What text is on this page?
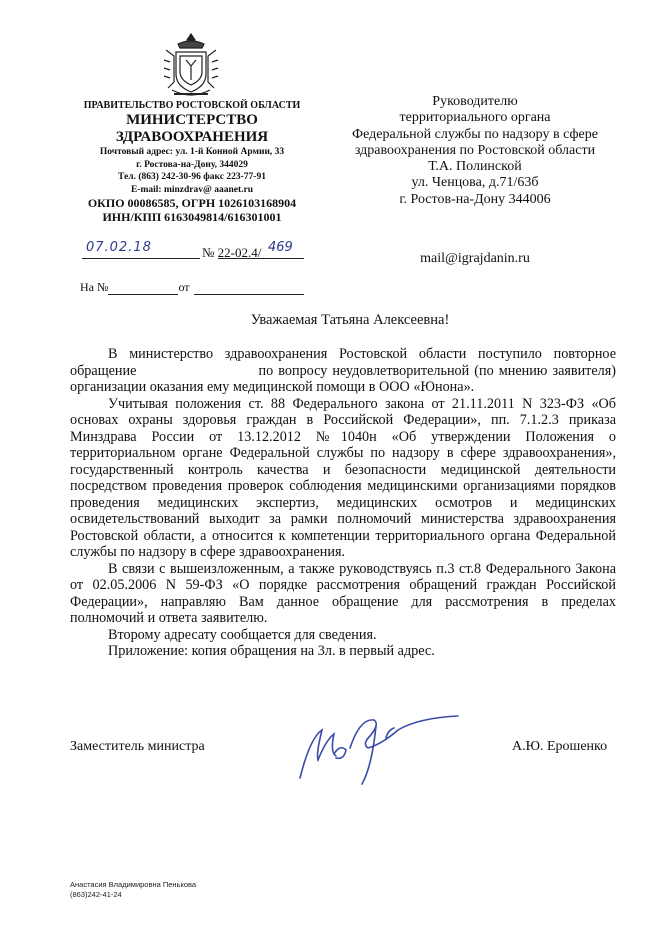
ПРАВИТЕЛЬСТВО РОСТОВСКОЙ ОБЛАСТИ
МИНИСТЕРСТВО
ЗДРАВООХРАНЕНИЯ
Почтовый адрес: ул. 1-й Конной Армии, 33
г. Ростова-на-Дону, 344029
Тел. (863) 242-30-96 факс 223-77-91
E-mail: minzdrav@ aaanet.ru
ОКПО 00086585, ОГРН 1026103168904
ИНН/КПП 6163049814/616301001
07.02.18	№ 22-02.4/ 469
На №	от
Руководителю
территориального органа
Федеральной службы по надзору в сфере
здравоохранения по Ростовской области
Т.А. Полинской
ул. Ченцова, д.71/63б
г. Ростов-на-Дону 344006
mail@igrajdanin.ru
Уважаемая Татьяна Алексеевна!

В министерство здравоохранения Ростовской области поступило повторное обращение	по вопросу неудовлетворительной (по мнению заявителя) организации оказания ему медицинской помощи в ООО «Юнона».

Учитывая положения ст. 88 Федерального закона от 21.11.2011 N 323-ФЗ «Об основах охраны здоровья граждан в Российской Федерации», пп. 7.1.2.3 приказа Минздрава России от 13.12.2012 №1040н «Об утверждении Положения о территориальном органе Федеральной службы по надзору в сфере здравоохранения», государственный контроль качества и безопасности медицинской деятельности посредством проведения проверок соблюдения медицинскими организациями порядков проведения медицинских экспертиз, медицинских осмотров и медицинских освидетельствований выходит за рамки полномочий министерства здравоохранения Ростовской области, а относится к компетенции территориального органа Федеральной службы по надзору в сфере здравоохранения.

В связи с вышеизложенным, а также руководствуясь п.3 ст.8 Федерального Закона от 02.05.2006 N 59-ФЗ «О порядке рассмотрения обращений граждан Российской Федерации», направляю Вам данное обращение для рассмотрения в пределах полномочий и ответа заявителю.

Второму адресату сообщается для сведения.

Приложение: копия обращения на 3л. в первый адрес.

Заместитель министра	А.Ю. Ерошенко
Анастасия Владимировна Пенькова
(863)242-41-24
